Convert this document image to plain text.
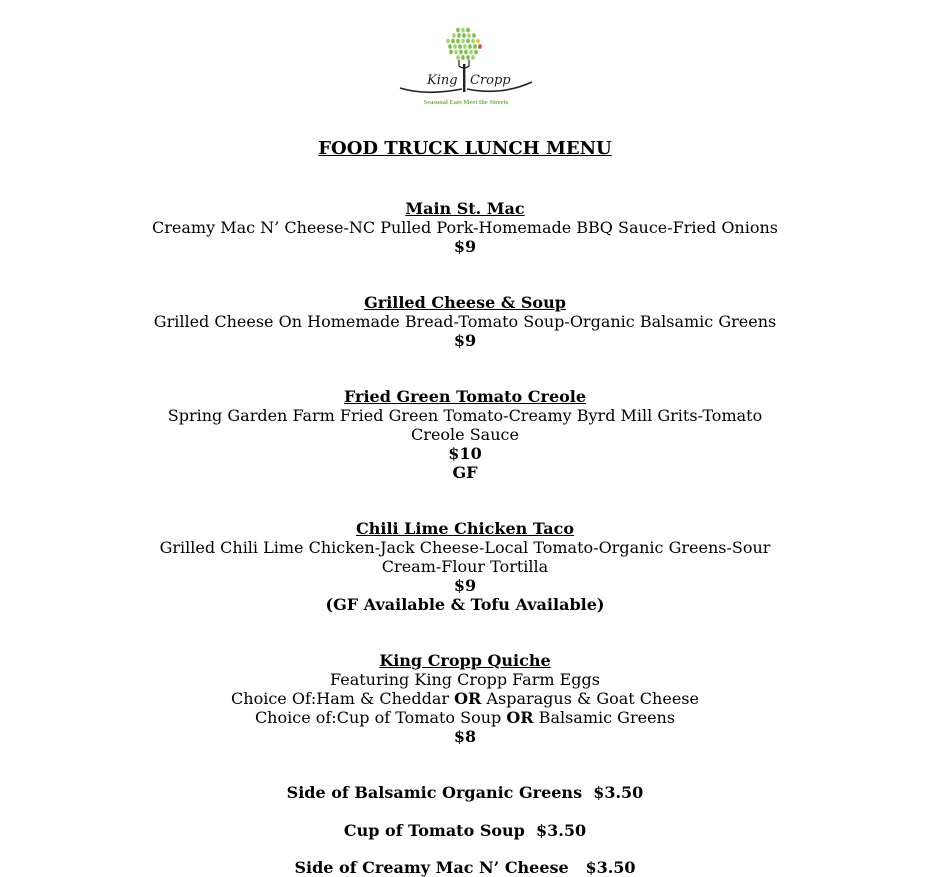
King Cropp
Seasonal Eats Meet the Streets
FOOD TRUCK LUNCH MENU
Main St. Mac
Creamy Mac N’ Cheese-NC Pulled Pork-Homemade BBQ Sauce-Fried Onions
$9
Grilled Cheese & Soup
Grilled Cheese On Homemade Bread-Tomato Soup-Organic Balsamic Greens
$9
Fried Green Tomato Creole
Spring Garden Farm Fried Green Tomato-Creamy Byrd Mill Grits-Tomato
Creole Sauce
$10
GF
Chili Lime Chicken Taco
Grilled Chili Lime Chicken-Jack Cheese-Local Tomato-Organic Greens-Sour
Cream-Flour Tortilla
$9
(GF Available & Tofu Available)
King Cropp Quiche
Featuring King Cropp Farm Eggs
Choice Of:Ham & Cheddar OR Asparagus & Goat Cheese
Choice of:Cup of Tomato Soup OR Balsamic Greens
$8
Side of Balsamic Organic Greens  $3.50
Cup of Tomato Soup  $3.50
Side of Creamy Mac N’ Cheese   $3.50
